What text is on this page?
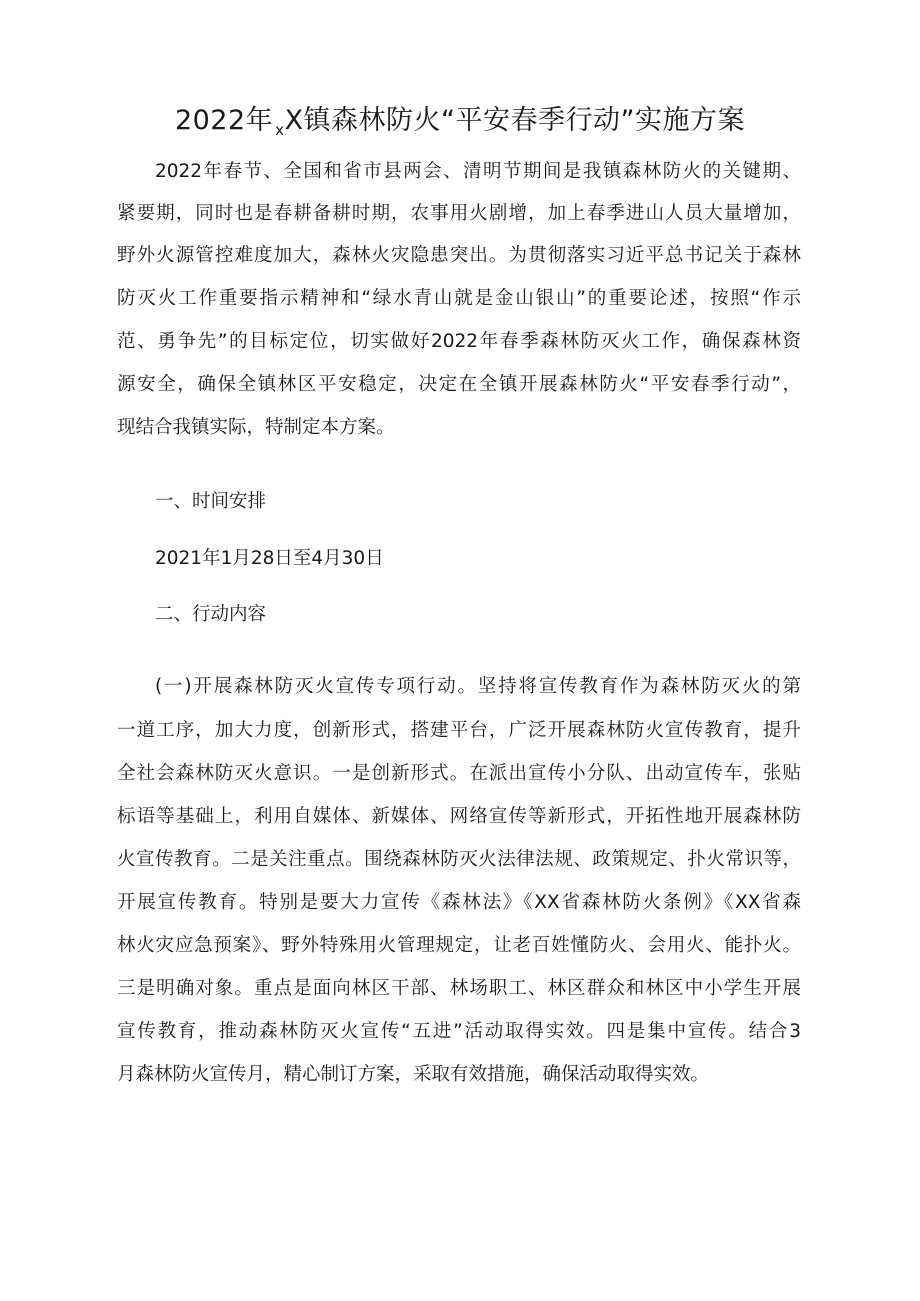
2022年 $_x$X镇森林防火“平安春季行动”实施方案
2022年春节、全国和省市县两会、清明节期间是我镇森林防火的关键期、
紧要期，同时也是春耕备耕时期，农事用火剧增，加上春季进山人员大量增加，
野外火源管控难度加大，森林火灾隐患突出。为贯彻落实习近平总书记关于森林
防灭火工作重要指示精神和“绿水青山就是金山银山”的重要论述，按照“作示
范、勇争先”的目标定位，切实做好2022年春季森林防灭火工作，确保森林资
源安全，确保全镇林区平安稳定，决定在全镇开展森林防火“平安春季行动”，
现结合我镇实际，特制定本方案。
一、时间安排
2021年1月28日至4月30日
二、行动内容
(一)开展森林防灭火宣传专项行动。坚持将宣传教育作为森林防灭火的第
一道工序，加大力度，创新形式，搭建平台，广泛开展森林防火宣传教育，提升
全社会森林防灭火意识。一是创新形式。在派出宣传小分队、出动宣传车，张贴
标语等基础上，利用自媒体、新媒体、网络宣传等新形式，开拓性地开展森林防
火宣传教育。二是关注重点。围绕森林防灭火法律法规、政策规定、扑火常识等，
开展宣传教育。特别是要大力宣传《森林法》《XX省森林防火条例》《XX省森
林火灾应急预案》、野外特殊用火管理规定，让老百姓懂防火、会用火、能扑火。
三是明确对象。重点是面向林区干部、林场职工、林区群众和林区中小学生开展
宣传教育，推动森林防灭火宣传“五进”活动取得实效。四是集中宣传。结合3
月森林防火宣传月，精心制订方案，采取有效措施，确保活动取得实效。
